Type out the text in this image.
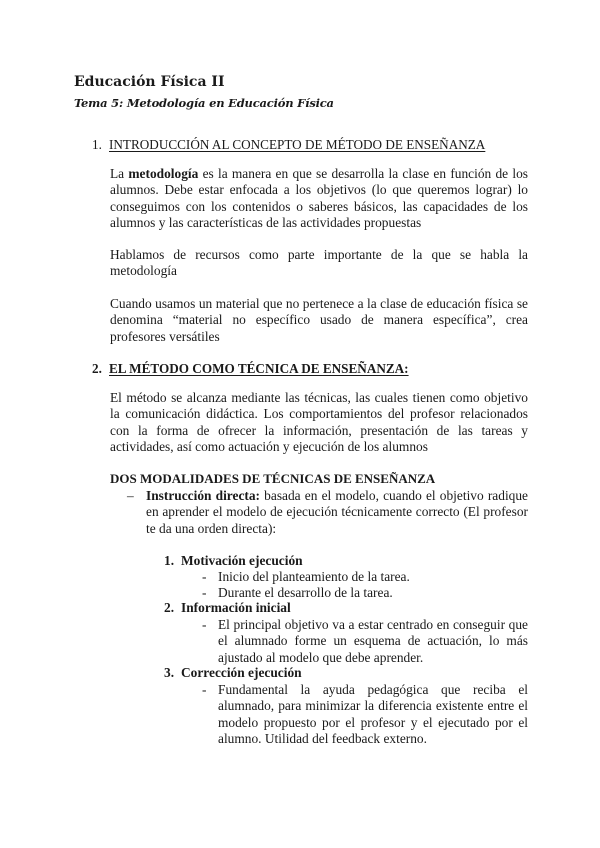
Educación Física II
Tema 5: Metodología en Educación Física
1. INTRODUCCIÓN AL CONCEPTO DE MÉTODO DE ENSEÑANZA
La metodología es la manera en que se desarrolla la clase en función de los alumnos. Debe estar enfocada a los objetivos (lo que queremos lograr) lo conseguimos con los contenidos o saberes básicos, las capacidades de los alumnos y las características de las actividades propuestas
Hablamos de recursos como parte importante de la que se habla la metodología
Cuando usamos un material que no pertenece a la clase de educación física se denomina “material no específico usado de manera específica”, crea profesores versátiles
2. EL MÉTODO COMO TÉCNICA DE ENSEÑANZA:
El método se alcanza mediante las técnicas, las cuales tienen como objetivo la comunicación didáctica. Los comportamientos del profesor relacionados con la forma de ofrecer la información, presentación de las tareas y actividades, así como actuación y ejecución de los alumnos
DOS MODALIDADES DE TÉCNICAS DE ENSEÑANZA
– Instrucción directa: basada en el modelo, cuando el objetivo radique en aprender el modelo de ejecución técnicamente correcto (El profesor te da una orden directa):
1. Motivación ejecución
- Inicio del planteamiento de la tarea.
- Durante el desarrollo de la tarea.
2. Información inicial
- El principal objetivo va a estar centrado en conseguir que el alumnado forme un esquema de actuación, lo más ajustado al modelo que debe aprender.
3. Corrección ejecución
- Fundamental la ayuda pedagógica que reciba el alumnado, para minimizar la diferencia existente entre el modelo propuesto por el profesor y el ejecutado por el alumno. Utilidad del feedback externo.
